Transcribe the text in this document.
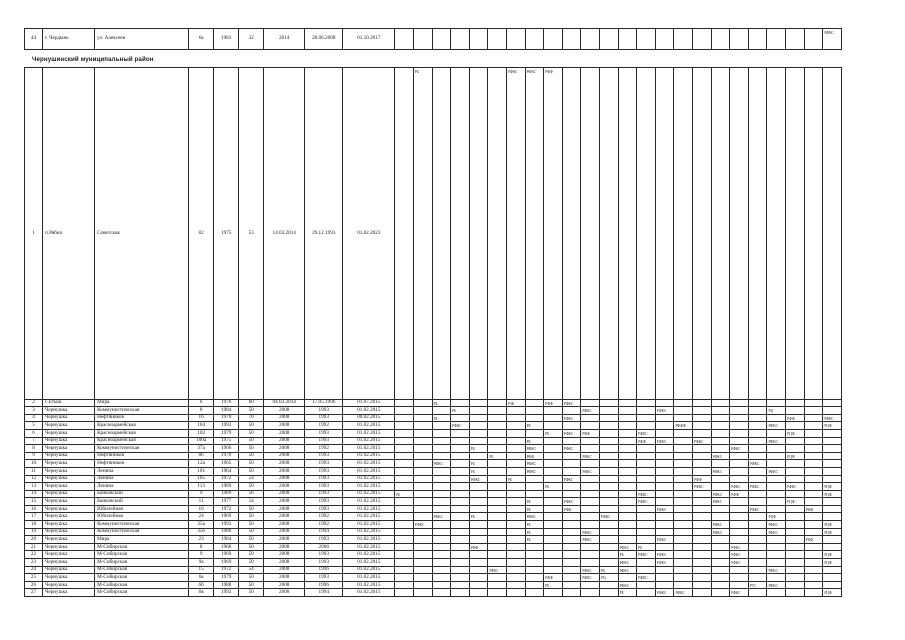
44	г. Чердынь	ул. Алексеев	6а	1983	32	2014	28.06.2008	01.10.2017																								РФКС
Чернушинский муниципальный район
1	п.Рябки	Советская	82	1975	53	14.03.2014	29.12.1993	01.02.2023		РБ					РФКС	РФКС	РФФ															
2	с.Етыш	Мира	6	1976	60	04.03.2014	17.05.1996	01.07.2015			РБ				РЗК		РФФ	РФКС														
3	Чернушка	Коммунистическая	8	1984	50	2008	1993	01.02.2015				РБ							РФКС				РФКС						РЦ			
4	Чернушка	Нефтяников	16	1970	70	2008	1993	00.02.2015			РБ							РФКС												РФФ		РФКС
5	Чернушка	Красноармейская	104	1993	50	2008	1992	01.02.2015				РФКС				РБ								РФФФ					РФКС			РЦФ
6	Чернушка	Красноармейская	102	1979	50	2008	1993	01.02.2015									РБ	РФКС	РФФ			РФКС								РЦФ		
7	Чернушка	Красноармейская	100а	1975	50	2008	1993	01.02.2015								РБ						РФФ	РФКС		РФКС				РФКС			
8	Чернушка	Коммунистическая	37а	1966	50	2008	1992	01.02.2015					РБ			РФКС		РФКС									РФКС					
9	Чернушка	Нефтяников	8б	1970	50	2008	1993	01.02.2015						РБ		РФФ			РФКС							РФКС				РЦФ		
10	Чернушка	Нефтяников	12а	1965	50	2008	1993	01.02.2015			РФКС		РБ			РФКС												РФКС				
11	Чернушка	Ленина	101	1964	50	2008	1993	01.02.2015					РБ			РФКС			РФКС							РФКС			РФКС			
12	Чернушка	Ленина	105	1972	54	2008	1993	01.02.2015					РФКС		РБ			РФКС							РФФ							
13	Чернушка	Ленина	113	1989	50	2008	1993	01.02.2015									РБ								РФКС		РФКС	РФКС		РФКС		РЦФ
14	Чернушка	Банковский	9	1989	56	2008	1993	01.02.2015	РБ													РФКС				РФКС	РФФ					РЦФ
15	Чернушка	Банковский	11	1977	54	2008	1993	01.02.2015								РБ		РФКС				РФКС				РФКС				РЦФ		
16	Чернушка	Юбилейная	16	1972	50	2008	1993	01.02.2015								РБ		РФФ					РФКС					РФКС			РФФ	
17	Чернушка	Юбилейная	24	1969	50	2008	1992	01.02.2015			РФКС		РБ			РФКС				РФКС									РЦФ			
18	Чернушка	Коммунистическая	35а	1993	50	2008	1992	01.02.2015		РФКС						РБ										РФКС			РФКС			РЦФ
19	Чернушка	Коммунистическая	35б	1986	50	2008	1994	01.02.2015								РБ			РФКС							РФКС			РФКС			РЦФ
20	Чернушка	Мира	23	1984	50	2008	1993	01.02.2015								РБ			РФКС				РФКС								РЦФ	
21	Чернушка	М-Сибирская	8	1968	50	2008	2006	01.02.2015					РФФ								РФКС	РБ					РФКС					
22	Чернушка	М-Сибирская	9	1969	50	2008	1993	01.02.2015													РБ	РФКС	РФКС				РФКС					РЦФ
23	Чернушка	М-Сибирская	9а	1969	50	2008	1993	01.02.2015													РФКС		РФКС				РФКС					РЦФ
24	Чернушка	М-Сибирская	15	1972	54	2008	1996	01.02.2015						РФКС					РФКС	РБ	РФКС								РФКС			
25	Чернушка	М-Сибирская	6а	1979	50	2008	1993	01.02.2015									РФФ		РФКС	РЦ		РФКС										
26	Чернушка	М-Сибирская	6б	1988	50	2008	1996	01.02.2015									РБ				РФКС							РТС	РФКС			
27	Чернушка	М-Сибирская	6в	1992	50	2008	1994	01.02.2015													РБ		РФКС	РФКС			РФКС					РЦФ
